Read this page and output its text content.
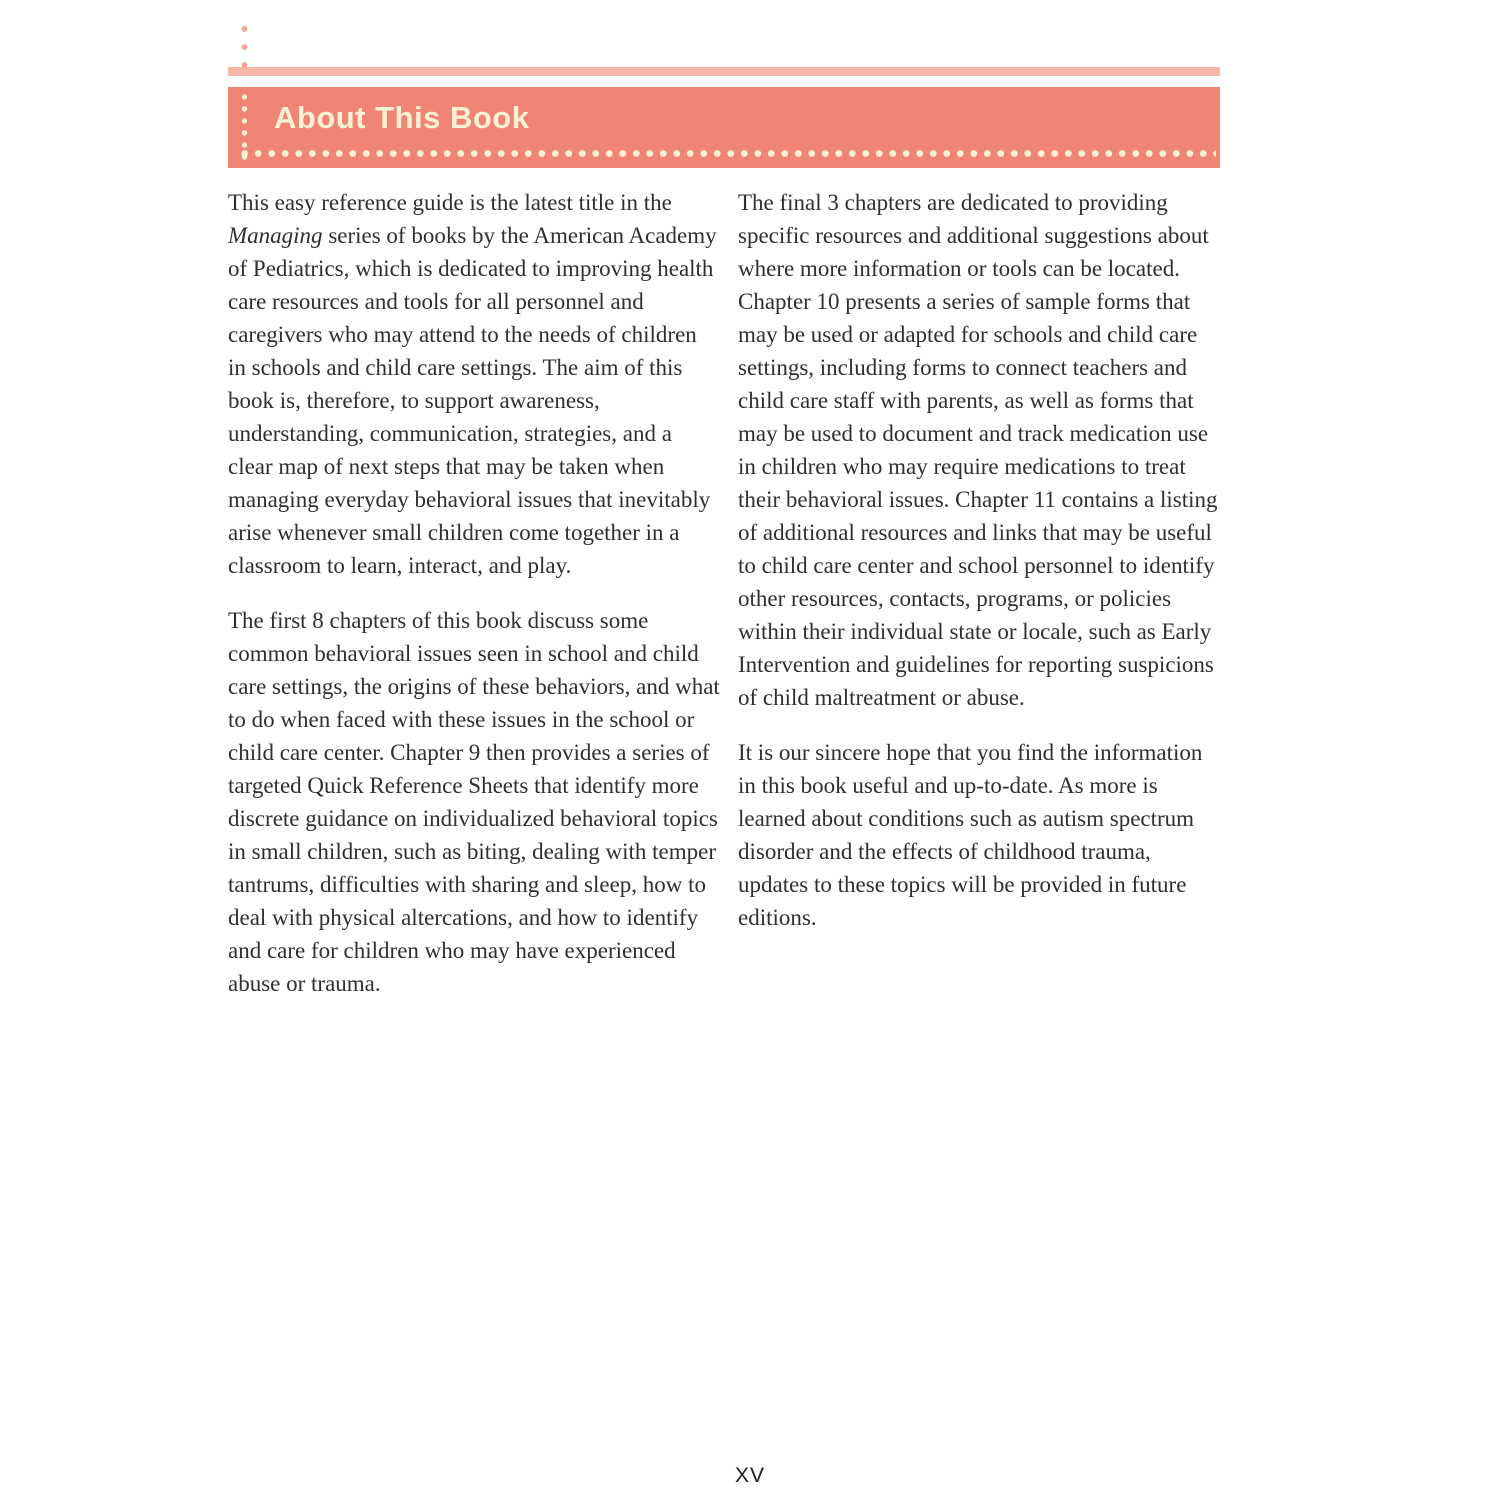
About This Book

This easy reference guide is the latest title in the Managing series of books by the American Academy of Pediatrics, which is dedicated to improving health care resources and tools for all personnel and caregivers who may attend to the needs of children in schools and child care settings. The aim of this book is, therefore, to support awareness, understanding, communication, strategies, and a clear map of next steps that may be taken when managing everyday behavioral issues that inevitably arise whenever small children come together in a classroom to learn, interact, and play.

The first 8 chapters of this book discuss some common behavioral issues seen in school and child care settings, the origins of these behaviors, and what to do when faced with these issues in the school or child care center. Chapter 9 then provides a series of targeted Quick Reference Sheets that identify more discrete guidance on individualized behavioral topics in small children, such as biting, dealing with temper tantrums, difficulties with sharing and sleep, how to deal with physical altercations, and how to identify and care for children who may have experienced abuse or trauma.

The final 3 chapters are dedicated to providing specific resources and additional suggestions about where more information or tools can be located. Chapter 10 presents a series of sample forms that may be used or adapted for schools and child care settings, including forms to connect teachers and child care staff with parents, as well as forms that may be used to document and track medication use in children who may require medications to treat their behavioral issues. Chapter 11 contains a listing of additional resources and links that may be useful to child care center and school personnel to identify other resources, contacts, programs, or policies within their individual state or locale, such as Early Intervention and guidelines for reporting suspicions of child maltreatment or abuse.

It is our sincere hope that you find the information in this book useful and up-to-date. As more is learned about conditions such as autism spectrum disorder and the effects of childhood trauma, updates to these topics will be provided in future editions.

XV
